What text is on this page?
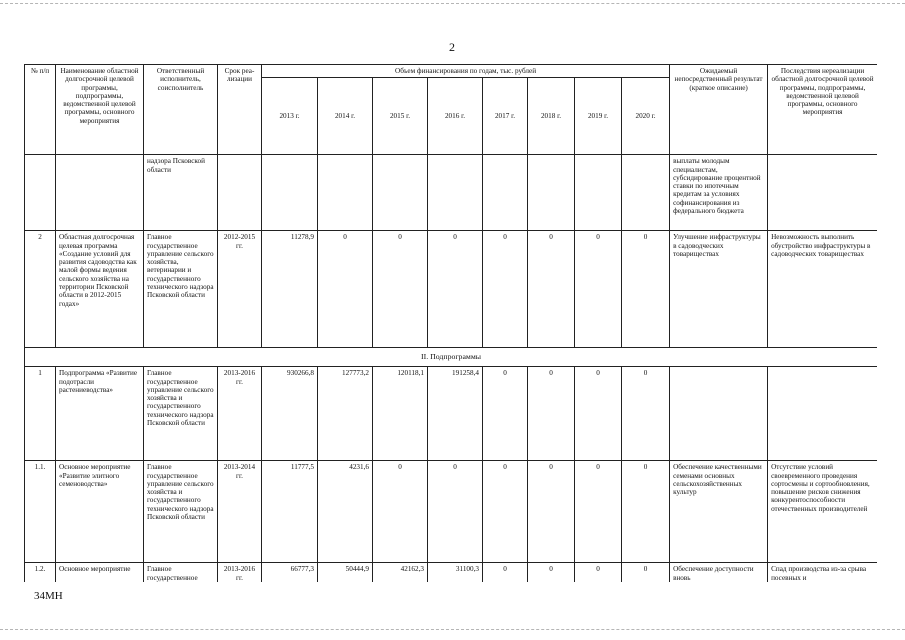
2
№ п/п	Наименование областной долгосрочной целевой программы, подпрограммы, ведомственной целевой программы, основного мероприятия	Ответственный исполнитель, соисполнитель	Срок реа- лизации	Объем финансирования по годам, тыс. рублей								Ожидаемый непосредственный результат (краткое описание)	Последствия нереализации областной долгосрочной целевой программы, подпрограммы, ведомственной целевой программы, основного мероприятия
				2013 г.	2014 г.	2015 г.	2016 г.	2017 г.	2018 г.	2019 г.	2020 г.		
		надзора Псковской области										выплаты молодым специалистам, субсидирование процентной ставки по ипотечным кредитам за условиях софинансирования из федерального бюджета	
2	Областная долгосрочная целевая программа «Создание условий для развития садоводства как малой формы ведения сельского хозяйства на территории Псковской области в 2012-2015 годах»	Главное государственное управление сельского хозяйства, ветеринарии и государственного технического надзора Псковской области	2012-2015 гг.	11278,9	0	0	0	0	0	0	0	Улучшение инфраструктуры в садоводческих товариществах	Невозможность выполнить обустройство инфраструктуры в садоводческих товариществах
II. Подпрограммы													
1	Подпрограмма «Развитие подотрасли растениеводства»	Главное государственное управление сельского хозяйства и государственного технического надзора Псковской области	2013-2016 гг.	930266,8	127773,2	120118,1	191258,4	0	0	0	0		
1.1.	Основное мероприятие «Развитие элитного семеноводства»	Главное государственное управление сельского хозяйства и государственного технического надзора Псковской области	2013-2014 гг.	11777,5	4231,6	0	0	0	0	0	0	Обеспечение качественными семенами основных сельскохозяйственных культур	Отсутствие условий своевременного проведения сортосмены и сортообновления, повышение рисков снижения конкурентоспособности отечественных производителей
1.2.	Основное мероприятие	Главное государственное	2013-2016 гг.	66777,3	50444,9	42162,3	31100,3	0	0	0	0	Обеспечение доступности вновь	Спад производства из-за срыва посевных и
34МН
